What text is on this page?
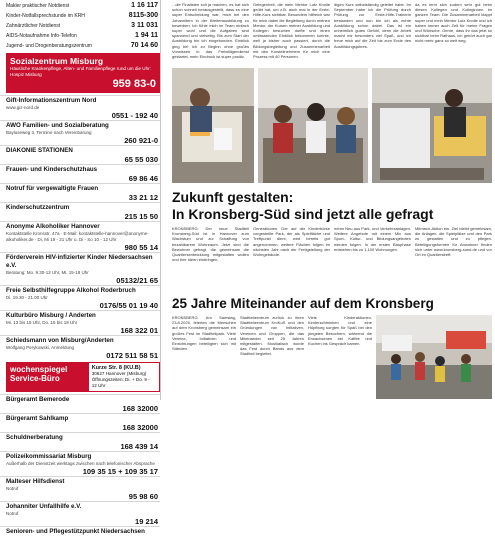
Makler praktischer Notdienst	1 16 117
Kinder-Notfallsprechstunde im KRH	8115-300
Zahnärztlicher Notdienst	3 11 031
AIDS-Notaufnahme Info-Telefon	1 94 11
Jugend- und Drogenberatungszentrum	70 14 60
Sozialzentrum Misburg
Häusliche Krankenpflege, Alten- und Familienpflege rund um die Uhr: Hospiz Misburg
959 83-0
Gift-Informationszentrum Nord
www.giz-nord.de
0551 - 192 40
AWO Familien- und Sozialberatung
Bayluseweg 3, Termine nach Vereinbarung
260 921-0
DIAKONIE STATIONEN
65 55 030
Frauen- und Kinderschutzhaus
69 86 46
Notruf für vergewaltigte Frauen
33 21 12
Kinderschutzzentrum
215 15 50
Anonyme Alkoholiker Hannover
Kontaktstelle Kronsstr. 47a · E-Mail: kontaktstelle-hannover@anonyme-alkoholiker.de · Di, Mi 19 - 21 Uhr u. Di - So 10 - 12 Uhr
980 55 14
Förderverein HIV-infizierter Kinder Niedersachsen e.V.
Beratung: Mo. 9.30-12 Uhr, Mi. 15-18 Uhr
05132/21 65
Freie Selbsthilfegruppe Alkohol Roderbruch
Di. 19.30 - 21.00 Uhr
0176/55 01 19 40
Kulturbüro Misburg / Anderten
Mi. 13 bis 15 Uhr, Do. 15 bis 18 Uhr
168 322 01
Schiedsmann von Misburg/Anderten
Wolfgang Perykowski, Anmeldung
0172 511 58 51
wochenspiegel
Service-Büro
Kurze Str. 8 (KU.B)
30627 Hannover (Misburg)
Öffnungszeiten: Di. + Do. 9 - 12 Uhr
Bürgeramt Bemerode
168 32000
Bürgeramt Sahlkamp
168 32000
Schuldnerberatung
168 439 14
Polizeikommissariat Misburg
Außerhalb der Dienstzeit werktags zwischen nach telefonischer Absprache
109 35 15 + 109 35 17
Malteser Hilfsdienst
Notruf
95 98 60
Johanniter Unfallhilfe e.V.
Notruf
19 214
Senioren- und Pflegestützpunkt Niedersachsen
...die Finalisten soll ja machen, es hat sich schon schnell herausgestellt, dass es eine super Entscheidung war, mich bei den Johannitern in der Breitenausbildung zu bewerben. Ich fühle mich im Team einfach super wohl und die Aufgaben sind spannend und vielseitig. Bis zum Start der Ausbildung bin ich eingebunden. Einblick ging bei ich zu Beginn ohne großes Vorwissen in das Freiwilligendienst gestartet, mein Eindruck ist super positiv.
Gelegenheit, die mein Mentor Lutz Knolle geübt hat, um z.B. auch mal in der Erste-Hilfe-Kurs sichtbar. Besonders hilfreich war für mich dabei die Begleitung durch meinen Mentor, der Kursen meiner Ausbildung und Kollegen besuchen durfte und einen umfassenden Einblick bekommen konnte, weil ja bisher auch passiert, durch die Bildungsbegleitung und Zusammenarbeit mit den Kursteilnehmern für mich eine Prozess mit 40 Personen.
digen Kurs selbstständig geleitet habe. Im September habe ich die Prüfung durch Prüfung zur Erste-Hilfe-Trainerin bestanden und nun bin ich als echte Ausbildung schon dabei. Das ist ein unheimlich gutes Gefühl, denn die Arbeit macht mir besonders viel Spaß, und ich freue mich auf die Zeit bis zum Ende des Ausbildungsjahres.
da es lernt sich zudem sehr gut beim diesen Kollegen und Kolleginnen im ganzen Team. Die Zusammenarbeit klappt super und mein Mentor Lutz Knolle und ich haben immer auch Zeit für meine Fragen und Wünsche. Gerne, dass ihr das jetzt so sichtbar beim Rathaus, ich gehört auch gar nicht mehr ganz so weit weg.
Zukunft gestalten:
In Kronsberg-Süd sind jetzt alle gefragt
KRONSBERG. Der neue Stadtteil Kronsberg-Süd ist in Hannover zum Wachstum und zur Schaffung von bezahlbarem Wohnraum. Jetzt sind die Bewohner gefragt, die gemeinsam die Quartiersentwicklung mitgestalten wollen und ihre Ideen einbringen.
Generationen. Der auf der Kinderbörse vorgestellte Park, der als Spielfläche und Treffpunkt dient, wird bereits gut angenommen, weitere Flächen folgen im nächsten Jahr nach der Fertigstellung der Wohngebäude.
nehm Neu aus Park- und Verkehrsanlagen. Weitere Angebote mit einem Mix aus Sport-, Kultur- und Bildungsangeboten werden folgen. In der ersten Bauphase entstehen bis zu 1.100 Wohnungen.
Mitmach-Aktion ein. Ziel bleibt gemeinsam, die Anlagen, die Spielplätze und den Park zu gestalten und zu pflegen. Beteiligungsformen für Anwohner finden sich unter www.kronsberg-sued.de und vor Ort im Quartierstreff.
25 Jahre Miteinander auf dem Kronsberg
KRONSBERG. Am Samstag, 23.8.2025, feierten die Menschen auf dem Kronsberg gemeinsam ein großes Fest im Stadtteilpark. Viele Vereine, Initiativen und Einrichtungen beteiligten sich mit Ständen.
Stadtteilzentrum zurück zu ihren Stadtteilzentrum KroKuS und den Gründungen von Initiativen, Vereinen und Gruppen, die das Miteinander seit 25 Jahren mitgestalten. Musikalisch wurde das Fest durch Bands aus dem Stadtteil begleitet.
Viele Kinderaktionen, Kinderschminken und eine Hüpfburg sorgten für Spaß bei den jüngsten Besuchern, während die Erwachsenen bei Kaffee und Kuchen ins Gespräch kamen.
